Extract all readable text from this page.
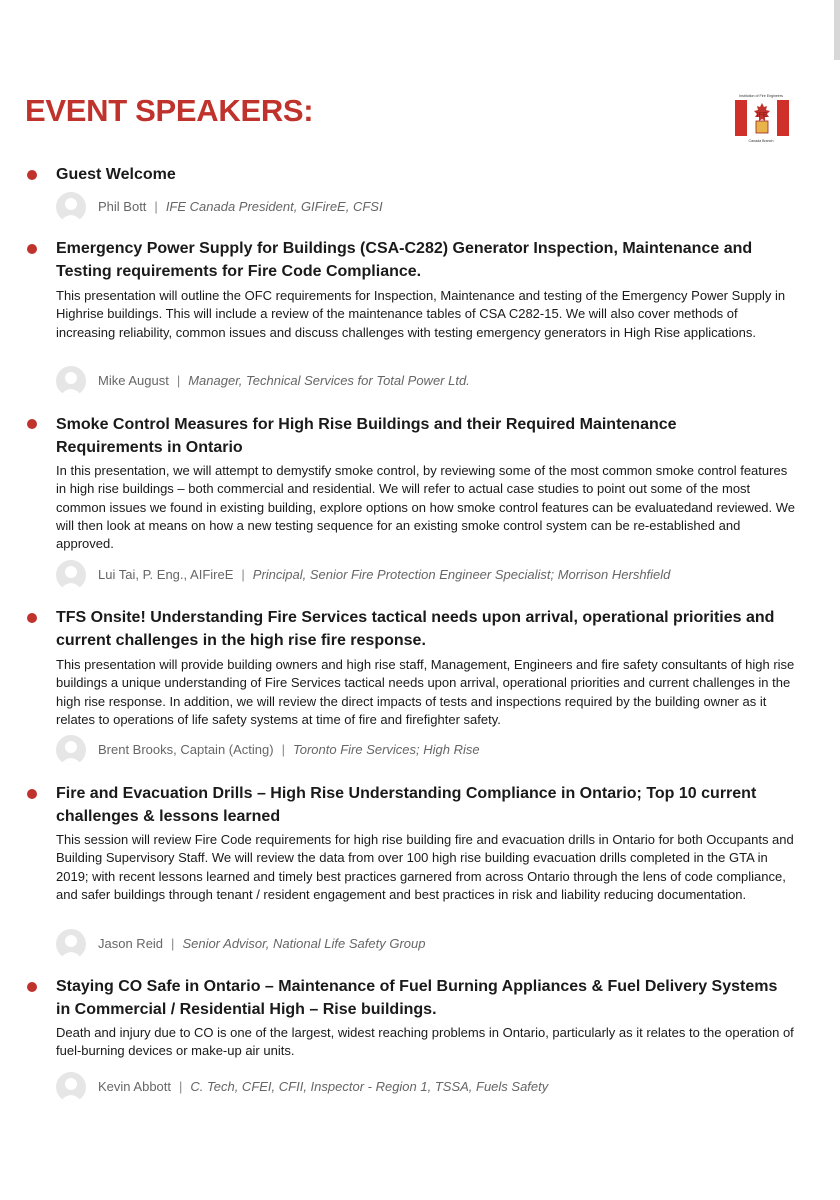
EVENT SPEAKERS:	Institution of Fire Engineers
IFE
Canada Branch
Guest Welcome
Phil Bott | IFE Canada President, GIFireE, CFSI
Emergency Power Supply for Buildings (CSA-C282) Generator Inspection, Maintenance and Testing requirements for Fire Code Compliance.
This presentation will outline the OFC requirements for Inspection, Maintenance and testing of the Emergency Power Supply in Highrise buildings. This will include a review of the maintenance tables of CSA C282-15. We will also cover methods of increasing reliability, common issues and discuss challenges with testing emergency generators in High Rise applications.
Mike August | Manager, Technical Services for Total Power Ltd.
Smoke Control Measures for High Rise Buildings and their Required Maintenance Requirements in Ontario
In this presentation, we will attempt to demystify smoke control, by reviewing some of the most common smoke control features in high rise buildings – both commercial and residential. We will refer to actual case studies to point out some of the most common issues we found in existing building, explore options on how smoke control features can be evaluatedand reviewed. We will then look at means on how a new testing sequence for an existing smoke control system can be re-established and approved.
Lui Tai, P. Eng., AIFireE | Principal, Senior Fire Protection Engineer Specialist; Morrison Hershfield
TFS Onsite! Understanding Fire Services tactical needs upon arrival, operational priorities and current challenges in the high rise fire response.
This presentation will provide building owners and high rise staff, Management, Engineers and fire safety consultants of high rise buildings a unique understanding of Fire Services tactical needs upon arrival, operational priorities and current challenges in the high rise response. In addition, we will review the direct impacts of tests and inspections required by the building owner as it relates to operations of life safety systems at time of fire and firefighter safety.
Brent Brooks, Captain (Acting) | Toronto Fire Services; High Rise
Fire and Evacuation Drills – High Rise Understanding Compliance in Ontario; Top 10 current challenges & lessons learned
This session will review Fire Code requirements for high rise building fire and evacuation drills in Ontario for both Occupants and Building Supervisory Staff. We will review the data from over 100 high rise building evacuation drills completed in the GTA in 2019; with recent lessons learned and timely best practices garnered from across Ontario through the lens of code compliance, and safer buildings through tenant / resident engagement and best practices in risk and liability reducing documentation.
Jason Reid | Senior Advisor, National Life Safety Group
Staying CO Safe in Ontario – Maintenance of Fuel Burning Appliances & Fuel Delivery Systems in Commercial / Residential High – Rise buildings.
Death and injury due to CO is one of the largest, widest reaching problems in Ontario, particularly as it relates to the operation of fuel-burning devices or make-up air units.
Kevin Abbott | C. Tech, CFEI, CFII, Inspector - Region 1, TSSA, Fuels Safety
